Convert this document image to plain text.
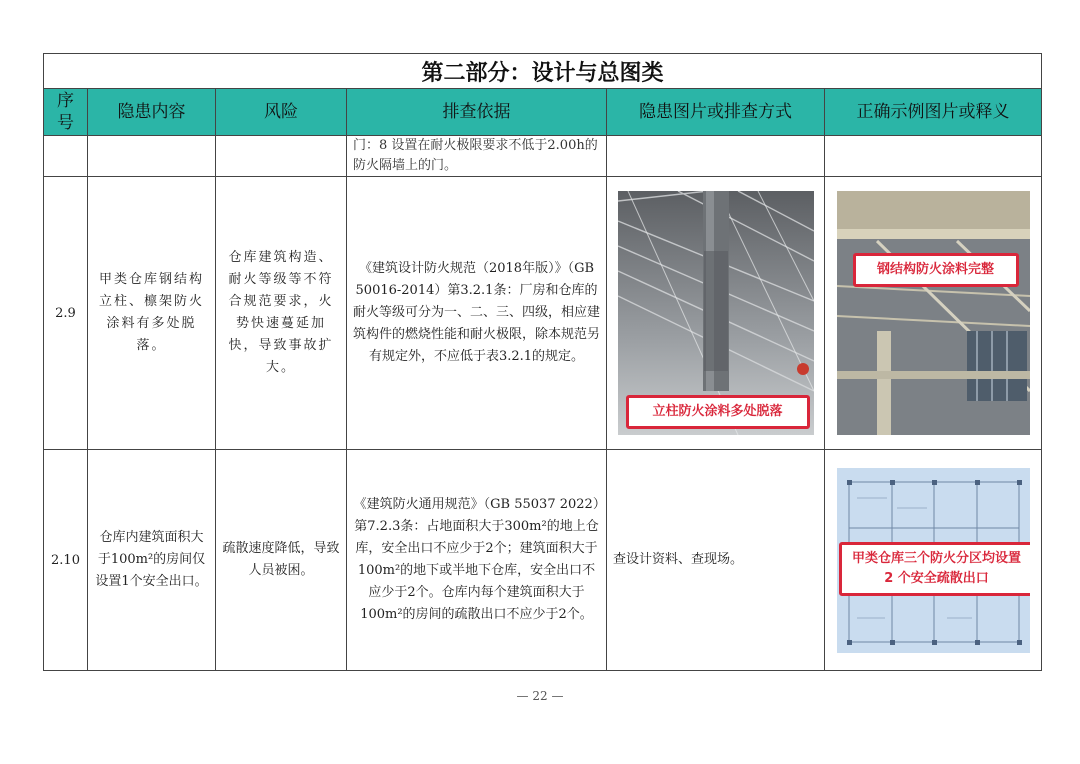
第二部分：设计与总图类					

序号	隐患内容	风险	排查依据	隐患图片或排查方式	正确示例图片或释义
			门：8 设置在耐火极限要求不低于2.00h的防火隔墙上的门。		
2.9	甲类仓库钢结构立柱、檩架防火涂料有多处脱落。	仓库建筑构造、耐火等级等不符合规范要求，火势快速蔓延加快，导致事故扩大。	《建筑设计防火规范（2018年版）》（GB 50016-2014）第3.2.1条：厂房和仓库的耐火等级可分为一、二、三、四级，相应建筑构件的燃烧性能和耐火极限，除本规范另有规定外，不应低于表3.2.1的规定。	立柱防火涂料多处脱落	钢结构防火涂料完整

2.10	仓库内建筑面积大于100m²的房间仅设置1个安全出口。	疏散速度降低，导致人员被困。	《建筑防火通用规范》（GB 55037 2022）第7.2.3条：占地面积大于300m²的地上仓库，安全出口不应少于2个；建筑面积大于100m²的地下或半地下仓库，安全出口不应少于2个。仓库内每个建筑面积大于100m²的房间的疏散出口不应少于2个。	查设计资料、查现场。	甲类仓库三个防火分区均设置 2 个安全疏散出口
— 22 —
